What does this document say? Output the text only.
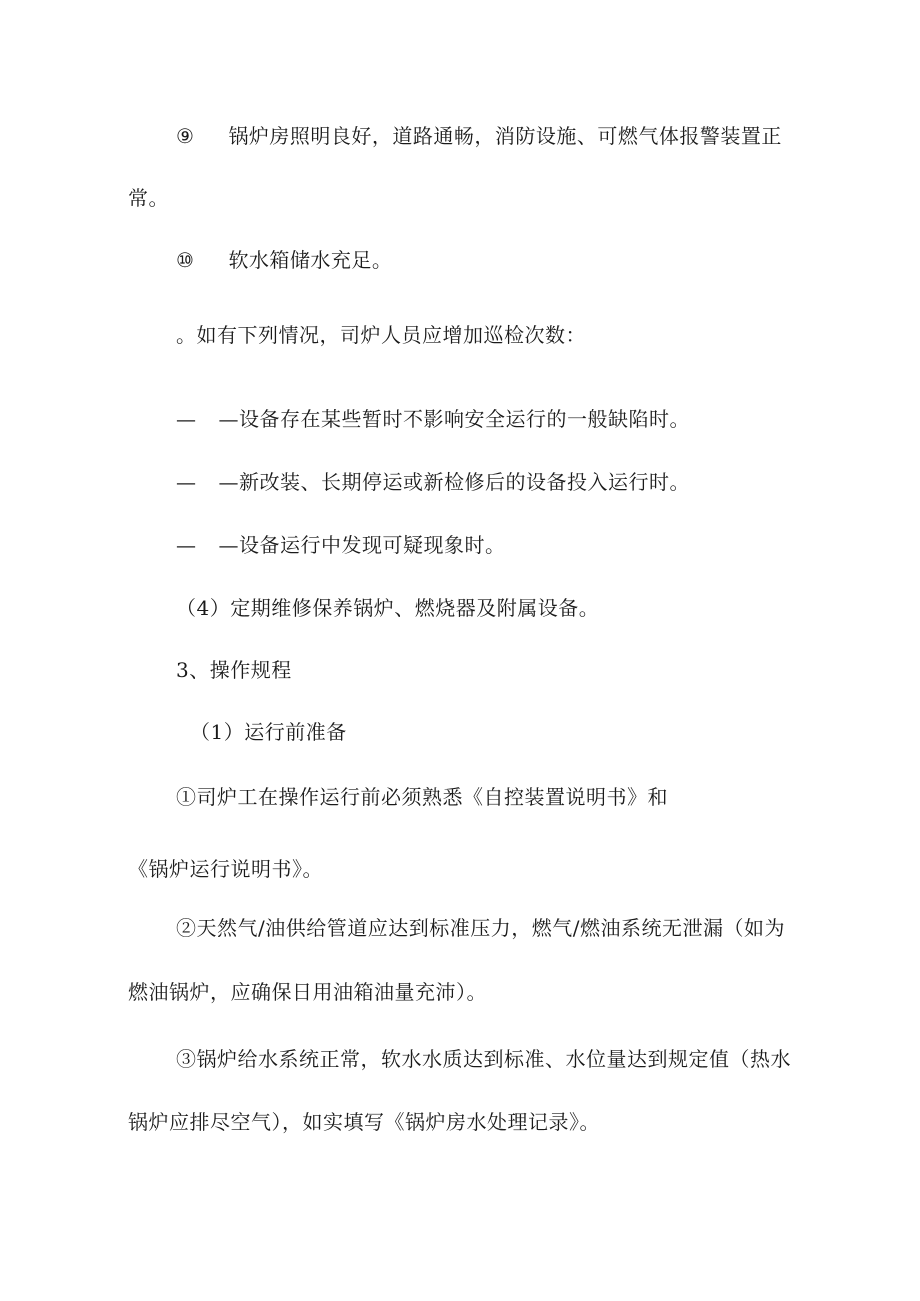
⑨ 锅炉房照明良好，道路通畅，消防设施、可燃气体报警装置正
常。
⑩ 软水箱储水充足。
。如有下列情况，司炉人员应增加巡检次数：
— —设备存在某些暂时不影响安全运行的一般缺陷时。
— —新改装、长期停运或新检修后的设备投入运行时。
— —设备运行中发现可疑现象时。
（4）定期维修保养锅炉、燃烧器及附属设备。
3、操作规程
（1）运行前准备
①司炉工在操作运行前必须熟悉《自控装置说明书》和
《锅炉运行说明书》。
②天然气/油供给管道应达到标准压力，燃气/燃油系统无泄漏（如为
燃油锅炉，应确保日用油箱油量充沛）。
③锅炉给水系统正常，软水水质达到标准、水位量达到规定值（热水
锅炉应排尽空气），如实填写《锅炉房水处理记录》。
